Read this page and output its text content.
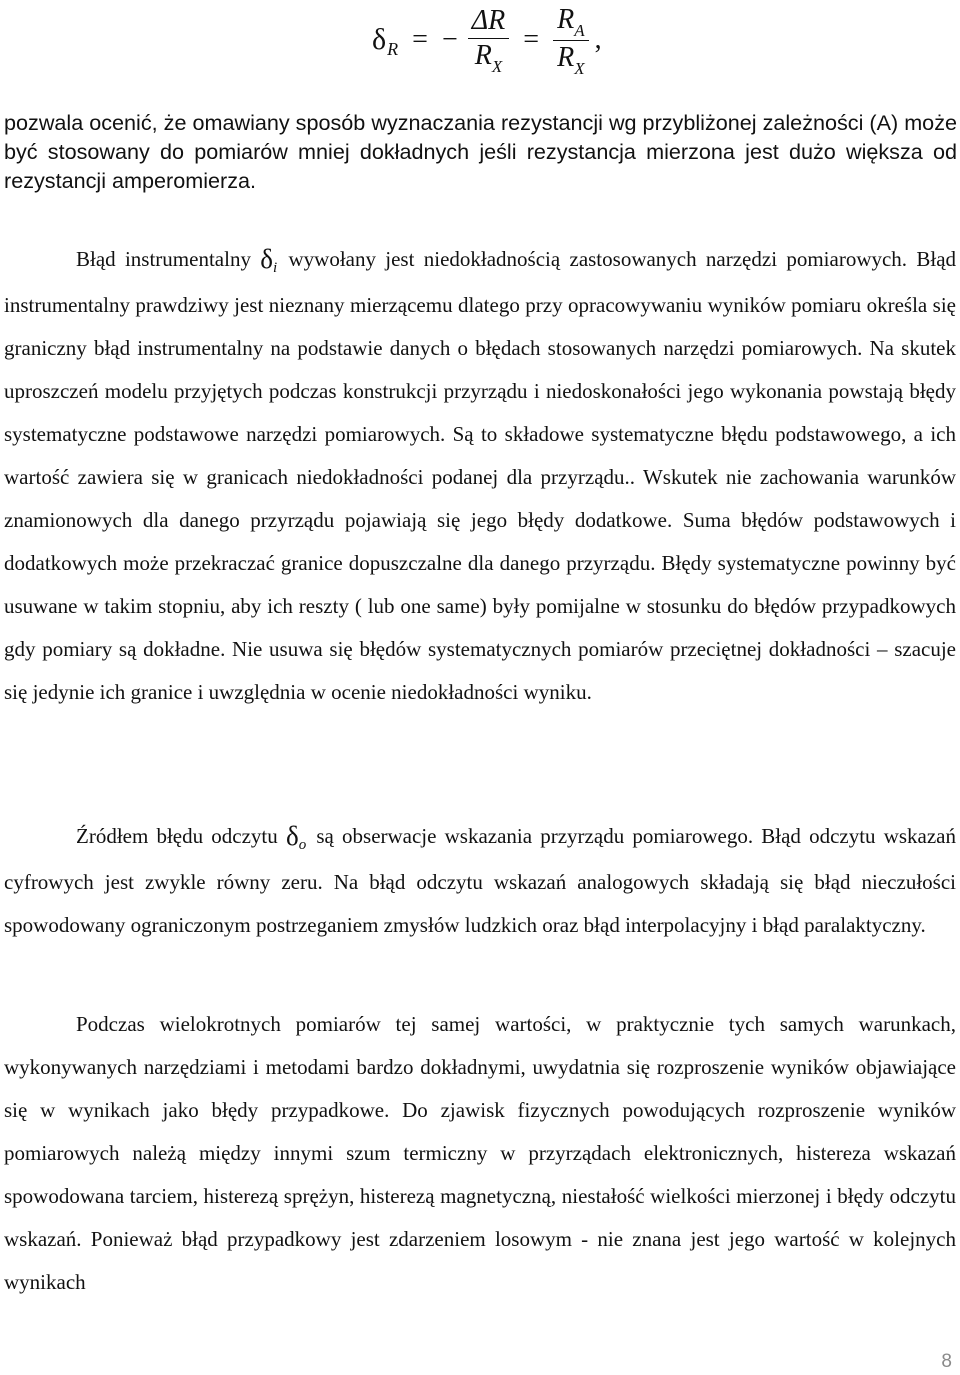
δ R = − $\frac{\Delta R}{R_X} = \frac{R_A}{R_X}$ ,

pozwala ocenić, że omawiany sposób wyznaczania rezystancji wg przybliżonej zależności (A) może być stosowany do pomiarów mniej dokładnych jeśli rezystancja mierzona jest dużo większa od rezystancji amperomierza.

Błąd instrumentalny $\delta_i$ wywołany jest niedokładnością zastosowanych narzędzi pomiarowych. Błąd instrumentalny prawdziwy jest nieznany mierzącemu dlatego przy opracowywaniu wyników pomiaru określa się graniczny błąd instrumentalny na podstawie danych o błędach stosowanych narzędzi pomiarowych. Na skutek uproszczeń modelu przyjętych podczas konstrukcji przyrządu i niedoskonałości jego wykonania powstają błędy systematyczne podstawowe narzędzi pomiarowych. Są to składowe systematyczne błędu podstawowego, a ich wartość zawiera się w granicach niedokładności podanej dla przyrządu.. Wskutek nie zachowania warunków znamionowych dla danego przyrządu pojawiają się jego błędy dodatkowe. Suma błędów podstawowych i dodatkowych może przekraczać granice dopuszczalne dla danego przyrządu. Błędy systematyczne powinny być usuwane w takim stopniu, aby ich reszty ( lub one same) były pomijalne w stosunku do błędów przypadkowych gdy pomiary są dokładne. Nie usuwa się błędów systematycznych pomiarów przeciętnej dokładności – szacuje się jedynie ich granice i uwzględnia w ocenie niedokładności wyniku.

Źródłem błędu odczytu $\delta_o$ są obserwacje wskazania przyrządu pomiarowego. Błąd odczytu wskazań cyfrowych jest zwykle równy zeru. Na błąd odczytu wskazań analogowych składają się błąd nieczułości spowodowany ograniczonym postrzeganiem zmysłów ludzkich oraz błąd interpolacyjny i błąd paralaktyczny.

Podczas wielokrotnych pomiarów tej samej wartości, w praktycznie tych samych warunkach, wykonywanych narzędziami i metodami bardzo dokładnymi, uwydatnia się rozproszenie wyników objawiające się w wynikach jako błędy przypadkowe. Do zjawisk fizycznych powodujących rozproszenie wyników pomiarowych należą między innymi szum termiczny w przyrządach elektronicznych, histereza wskazań spowodowana tarciem, histerezą sprężyn, histerezą magnetyczną, niestałość wielkości mierzonej i błędy odczytu wskazań. Ponieważ błąd przypadkowy jest zdarzeniem losowym - nie znana jest jego wartość w kolejnych wynikach

8
